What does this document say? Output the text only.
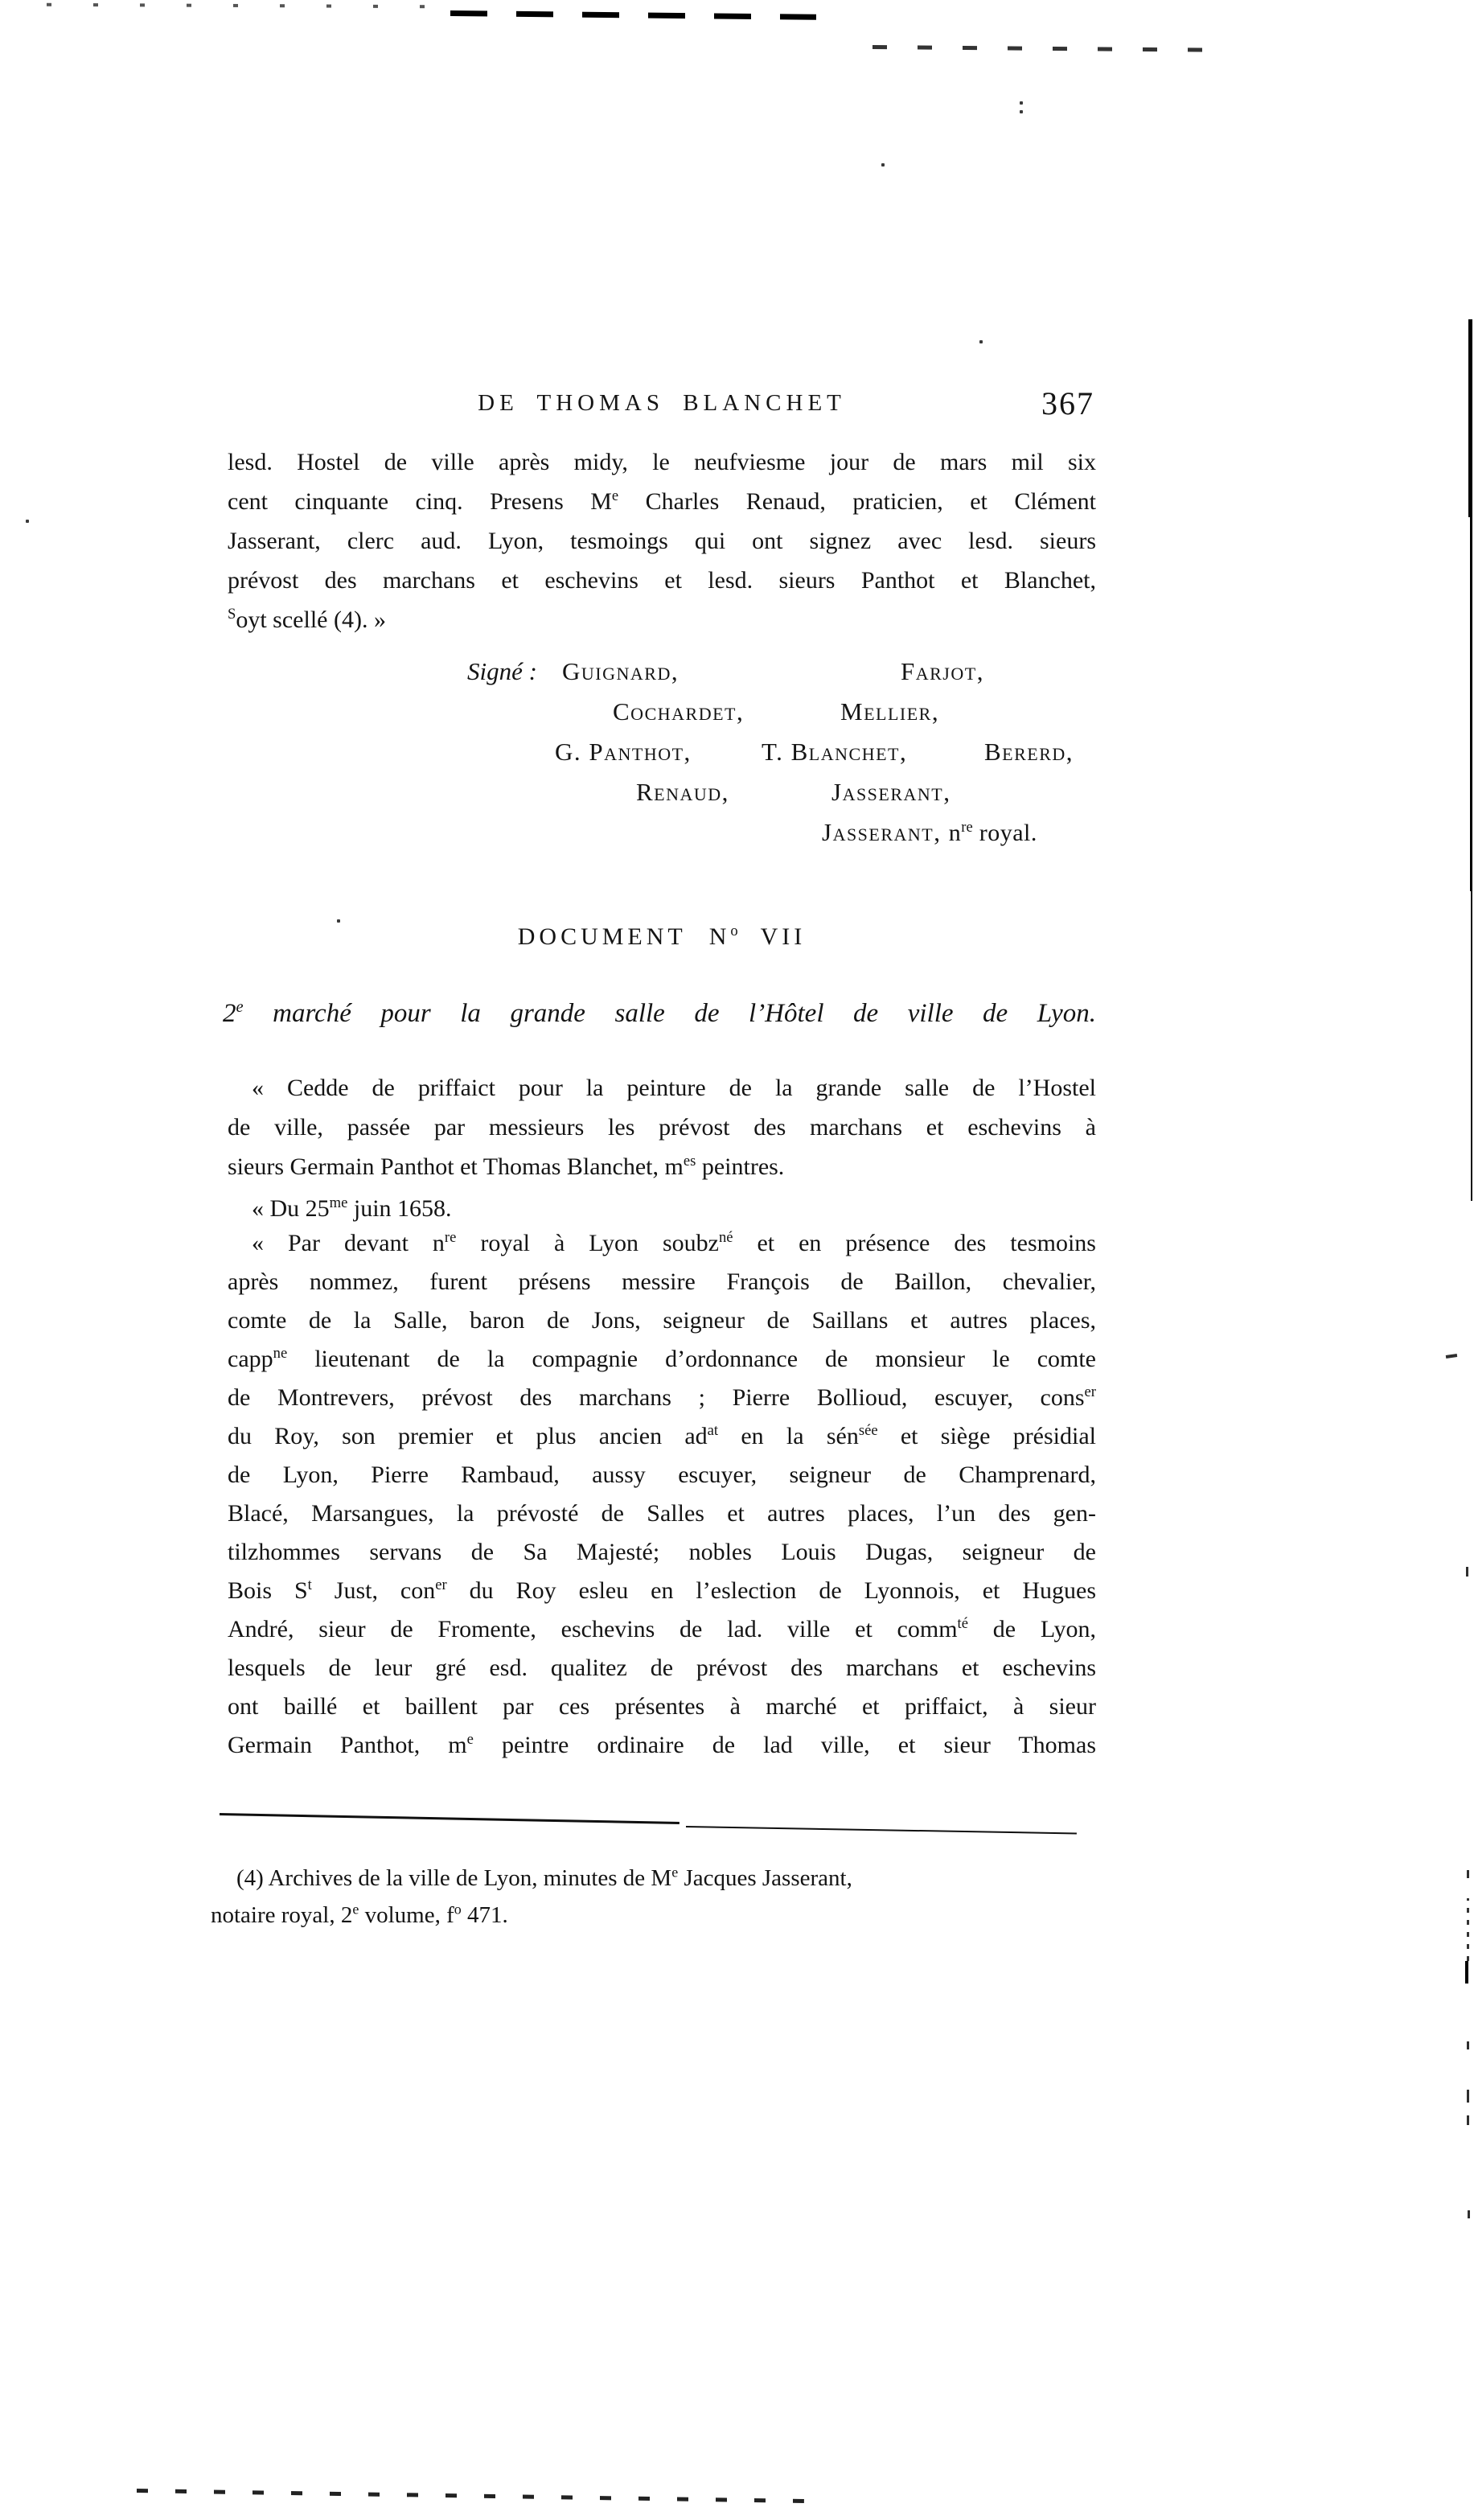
DE THOMAS BLANCHET	367
lesd. Hostel de ville après midy, le neufviesme jour de mars mil six
cent cinquante cinq. Presens Me Charles Renaud, praticien, et Clément
Jasserant, clerc aud. Lyon, tesmoings qui ont signez avec lesd. sieurs
prévost des marchans et eschevins et lesd. sieurs Panthot et Blanchet,
$^S$oyt scellé (4). »
Signé : Guignard,	Farjot,
Cochardet,	Mellier,
G. Panthot,	T. Blanchet,	Bererd,
Renaud,	Jasserant,
Jasserant, $n^{re}$ royal.
DOCUMENT $N^o$ VII
2e marché pour la grande salle de l’Hôtel de ville de Lyon.
« Cedde de priffaict pour la peinture de la grande salle de l’Hostel
de ville, passée par messieurs les prévost des marchans et eschevins à
sieurs Germain Panthot et Thomas Blanchet, $m^{es}$ peintres.
« Du $25^{me}$ juin 1658.
« Par devant $n^{re}$ royal à Lyon soubz$^{né}$ et en présence des tesmoins
après nommez, furent présens messire François de Baillon, chevalier,
comte de la Salle, baron de Jons, seigneur de Saillans et autres places,
capp$^{ne}$ lieutenant de la compagnie d’ordonnance de monsieur le comte
de Montrevers, prévost des marchans ; Pierre Bollioud, escuyer, cons$^{er}$
du Roy, son premier et plus ancien $ad^{at}$ en la sén$^{sée}$ et siège présidial
de Lyon, Pierre Rambaud, aussy escuyer, seigneur de Champrenard,
Blacé, Marsangues, la prévosté de Salles et autres places, l’un des gen-
tilzhommes servans de Sa Majesté; nobles Louis Dugas, seigneur de
Bois $S^t$ Just, con$^{er}$ du Roy esleu en l’eslection de Lyonnois, et Hugues
André, sieur de Fromente, eschevins de lad. ville et comm$^{té}$ de Lyon,
lesquels de leur gré esd. qualitez de prévost des marchans et eschevins
ont baillé et baillent par ces présentes à marché et priffaict, à sieur
Germain Panthot, $m^e$ peintre ordinaire de lad ville, et sieur Thomas
(4) Archives de la ville de Lyon, minutes de Me Jacques Jasserant,
notaire royal, 2e volume, $f^o$ 471.
